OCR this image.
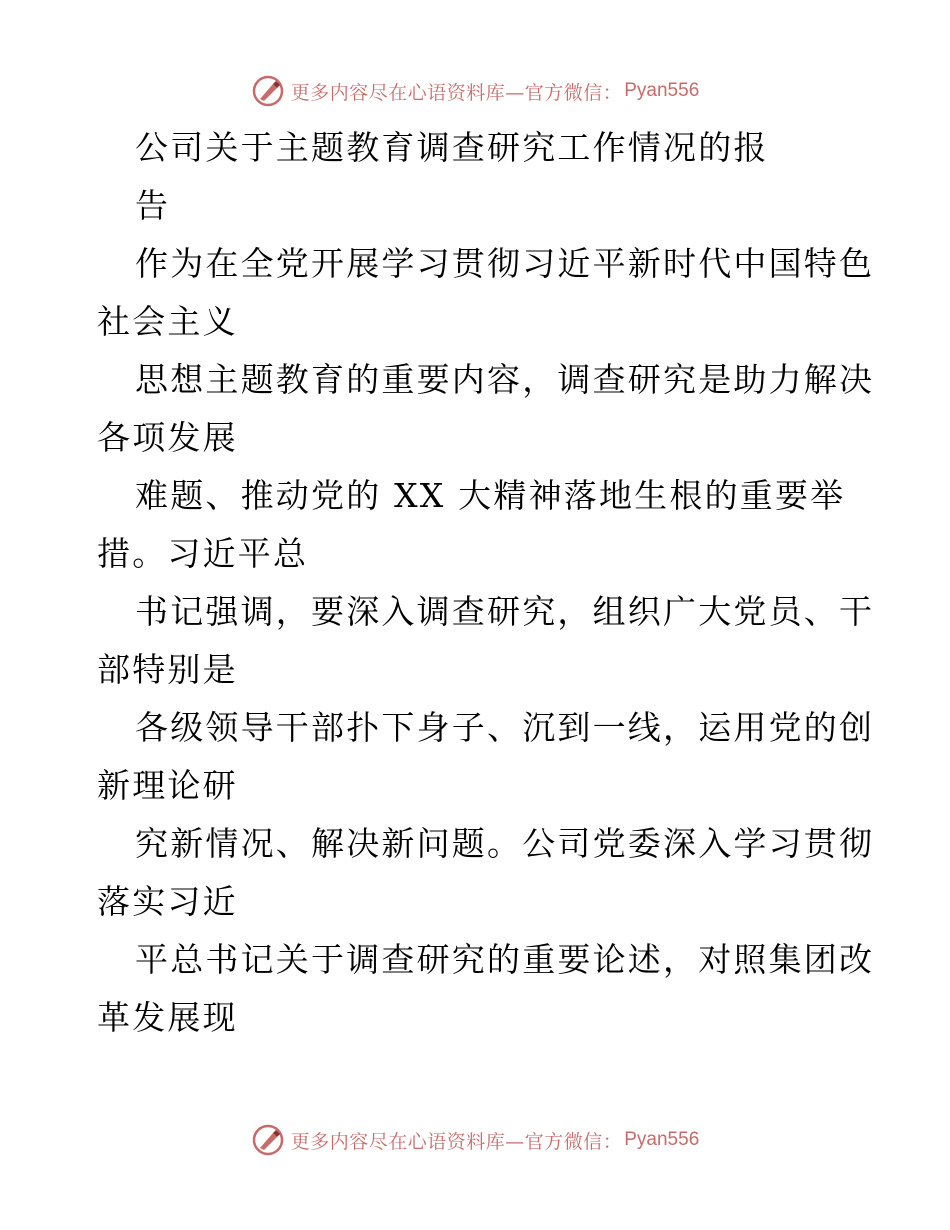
更多内容尽在心语资料库—官方微信： Pyan556
公司关于主题教育调查研究工作情况的报
告
作为在全党开展学习贯彻习近平新时代中国特色
社会主义
思想主题教育的重要内容，调查研究是助力解决
各项发展
难题、推动党的 XX 大精神落地生根的重要举
措。习近平总
书记强调，要深入调查研究，组织广大党员、干
部特别是
各级领导干部扑下身子、沉到一线，运用党的创
新理论研
究新情况、解决新问题。公司党委深入学习贯彻
落实习近
平总书记关于调查研究的重要论述，对照集团改
革发展现
更多内容尽在心语资料库—官方微信： Pyan556
